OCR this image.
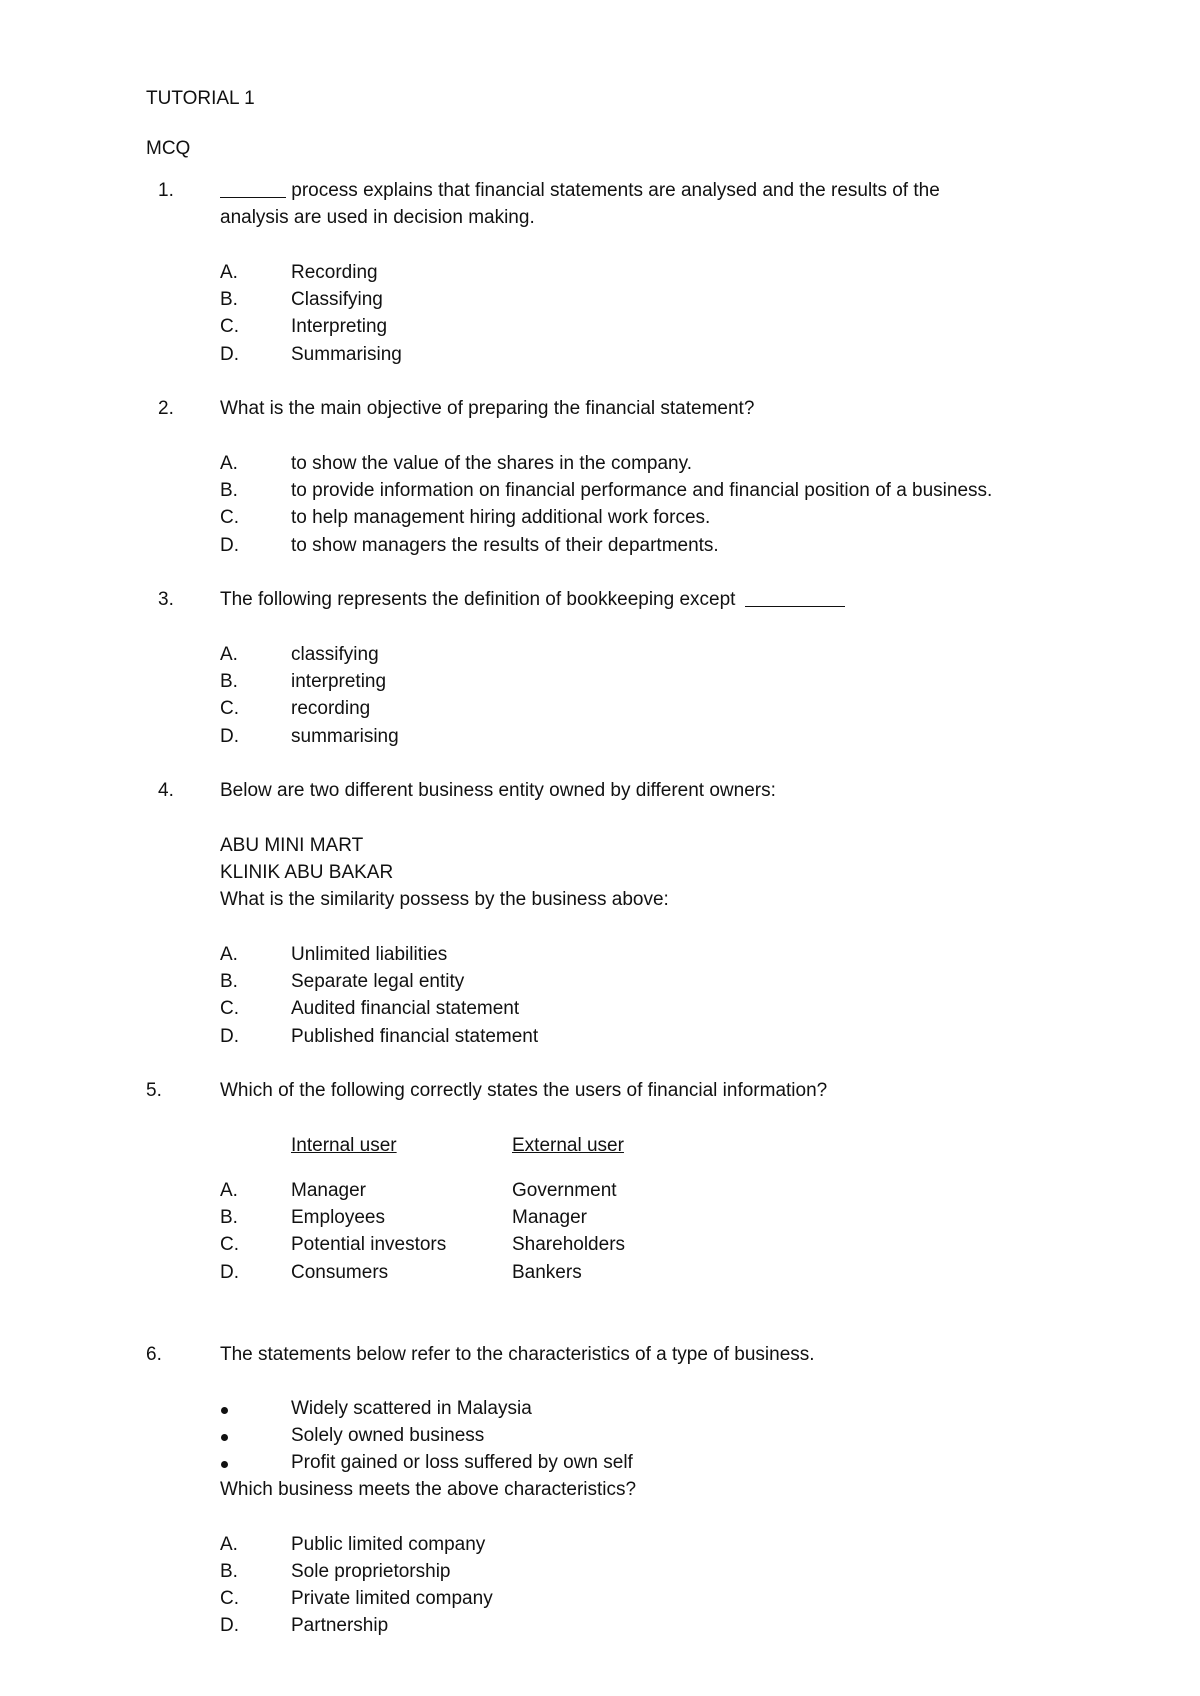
TUTORIAL 1
MCQ
1.	process explains that financial statements are analysed and the results of the
analysis are used in decision making.
A.	Recording
B.	Classifying
C.	Interpreting
D.	Summarising
2. What is the main objective of preparing the financial statement?
A.	to show the value of the shares in the company.
B.	to provide information on financial performance and financial position of a business.
C.	to help management hiring additional work forces.
D.	to show managers the results of their departments.
3. The following represents the definition of bookkeeping except
A.	classifying
B.	interpreting
C.	recording
D.	summarising
4. Below are two different business entity owned by different owners:
ABU MINI MART
KLINIK ABU BAKAR
What is the similarity possess by the business above:
A.	Unlimited liabilities
B.	Separate legal entity
C.	Audited financial statement
D.	Published financial statement
5.	Which of the following correctly states the users of financial information?
Internal user	External user
A.	Manager	Government
B.	Employees	Manager
C.	Potential investors	Shareholders
D.	Consumers	Bankers
6.	The statements below refer to the characteristics of a type of business.
Widely scattered in Malaysia
Solely owned business
Profit gained or loss suffered by own self
Which business meets the above characteristics?
A.	Public limited company
B.	Sole proprietorship
C.	Private limited company
D.	Partnership
